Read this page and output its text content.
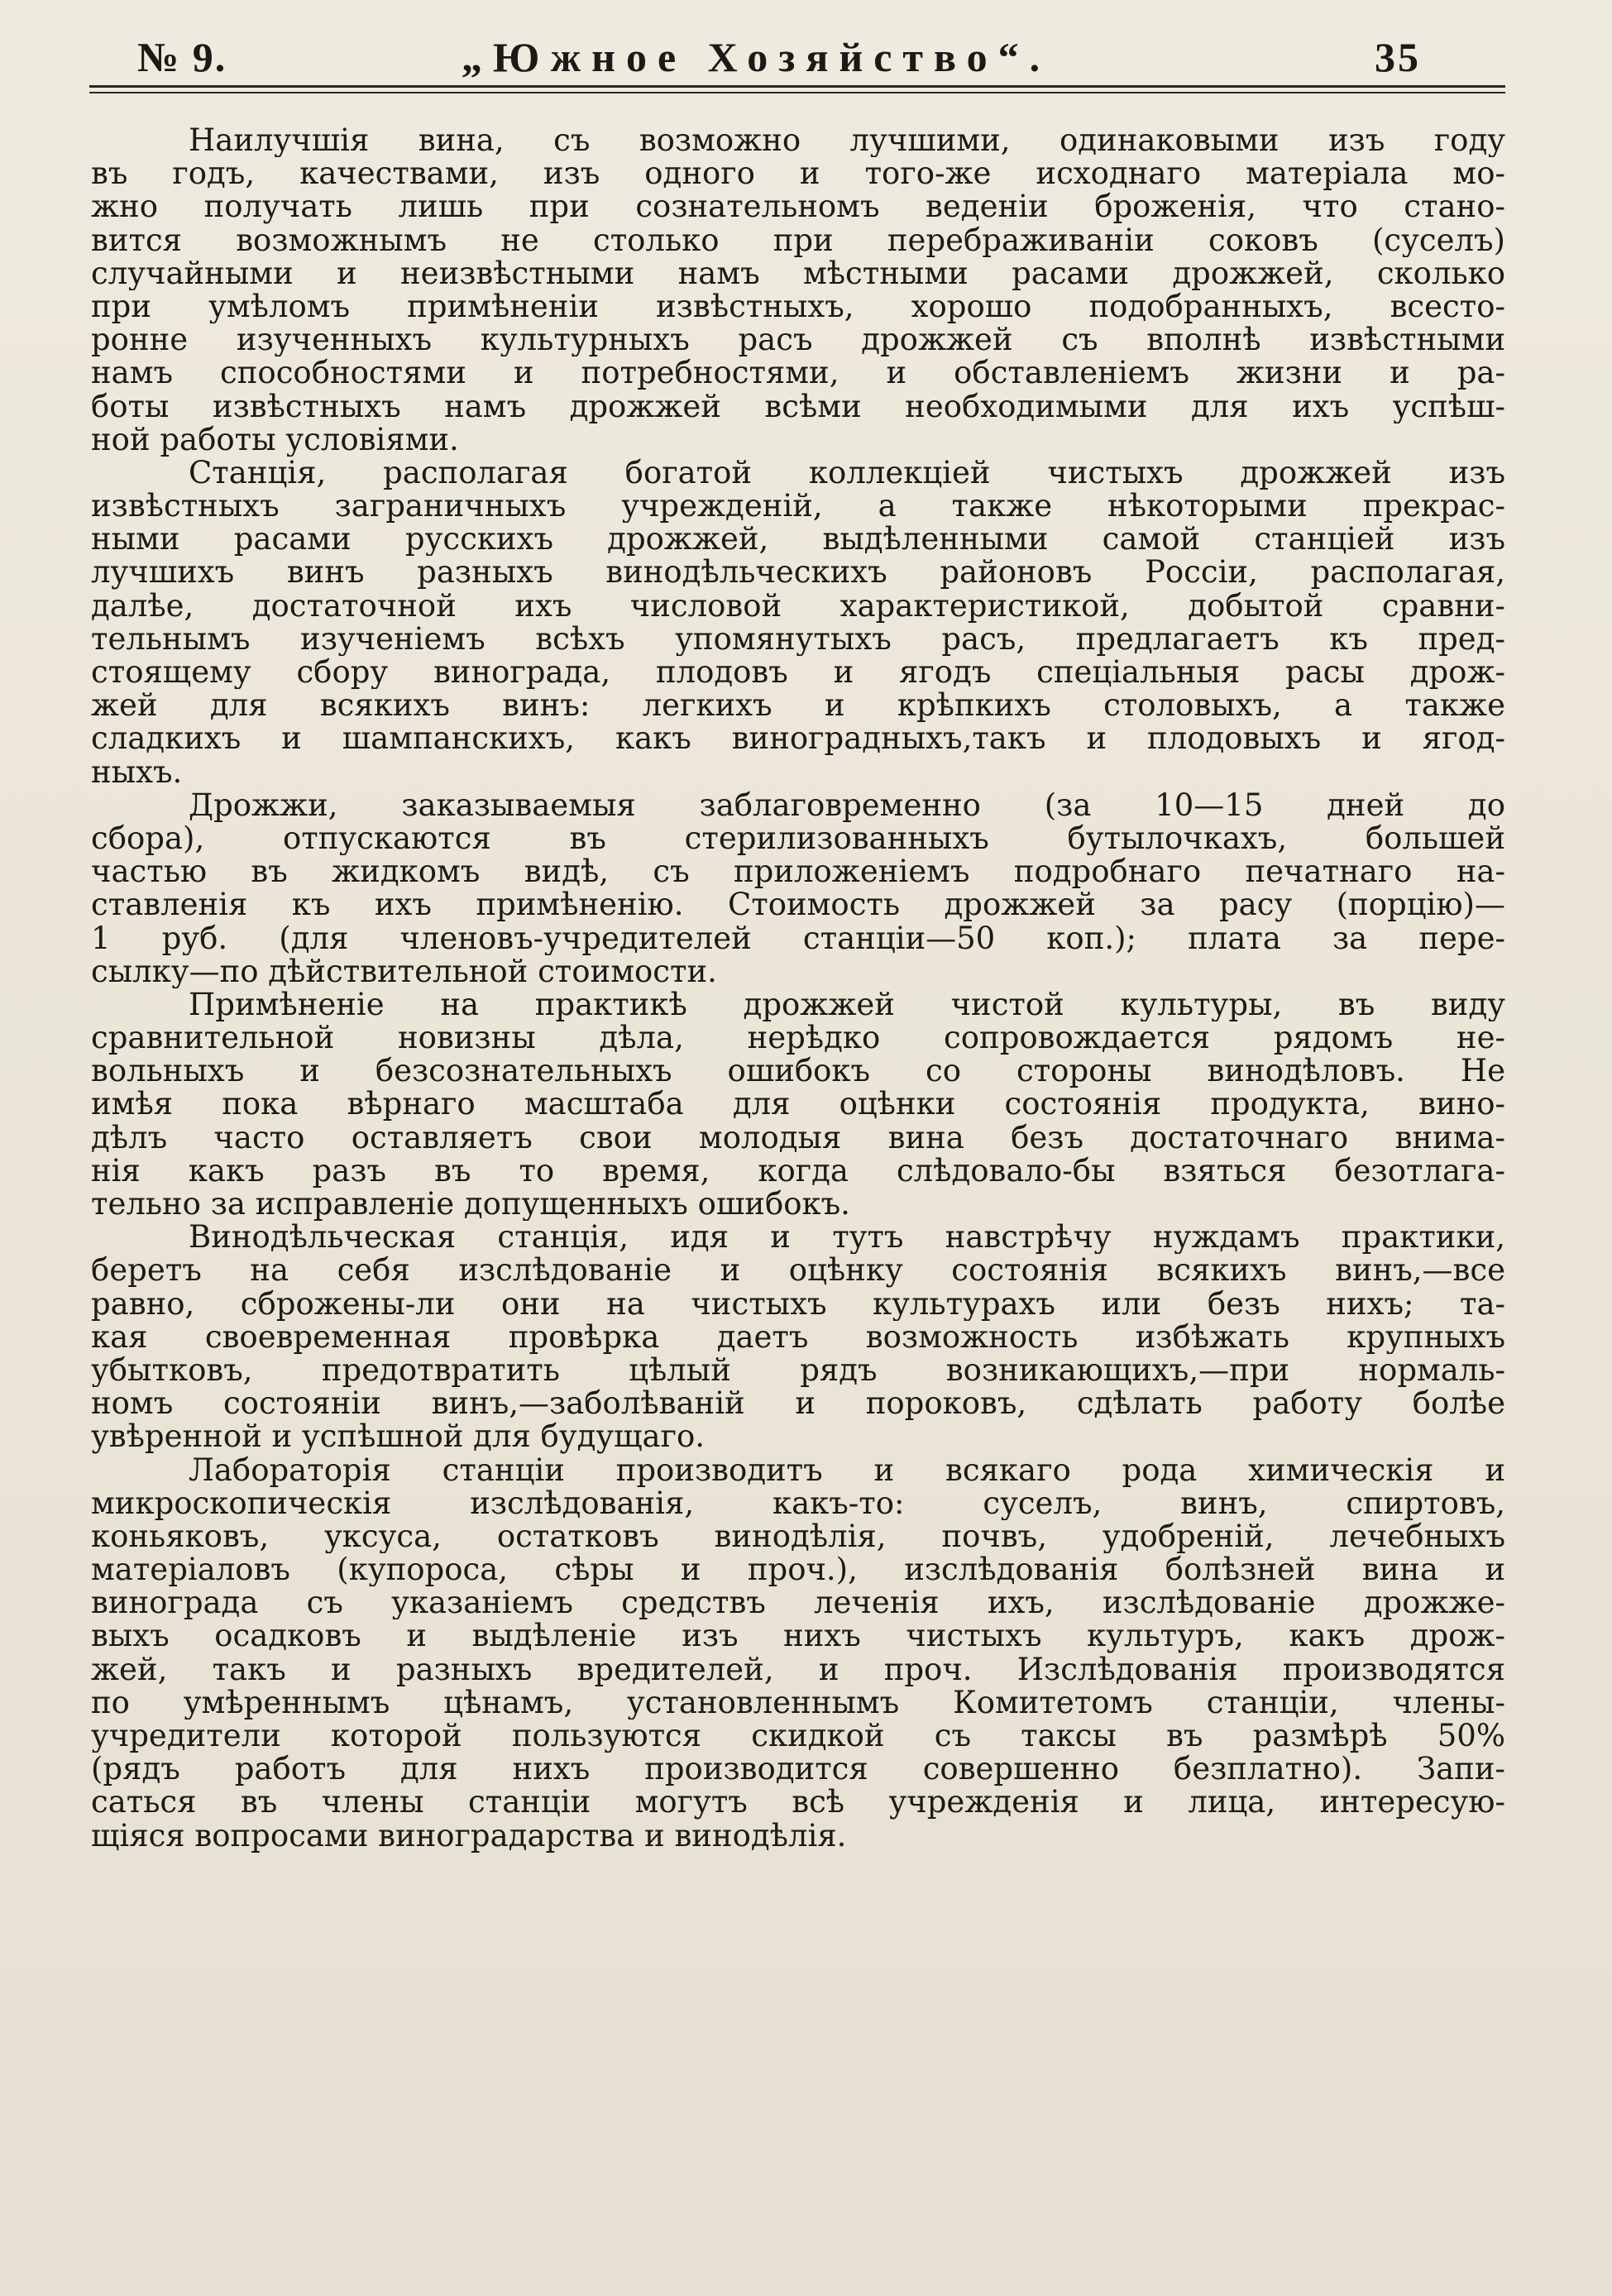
№ 9.	„Южное Хозяйство“.	35
Наилучшія вина, съ возможно лучшими, одинаковыми изъ году
въ годъ, качествами, изъ одного и того-же исходнаго матеріала мо-
жно получать лишь при сознательномъ веденіи броженія, что стано-
вится возможнымъ не столько при перебраживаніи соковъ (суселъ)
случайными и неизвѣстными намъ мѣстными расами дрожжей, сколько
при умѣломъ примѣненіи извѣстныхъ, хорошо подобранныхъ, всесто-
ронне изученныхъ культурныхъ расъ дрожжей съ вполнѣ извѣстными
намъ способностями и потребностями, и обставленіемъ жизни и ра-
боты извѣстныхъ намъ дрожжей всѣми необходимыми для ихъ успѣш-
ной работы условіями.
Станція, располагая богатой коллекціей чистыхъ дрожжей изъ
извѣстныхъ заграничныхъ учрежденій, а также нѣкоторыми прекрас-
ными расами русскихъ дрожжей, выдѣленными самой станціей изъ
лучшихъ винъ разныхъ винодѣльческихъ районовъ Россіи, располагая,
далѣе, достаточной ихъ числовой характеристикой, добытой сравни-
тельнымъ изученіемъ всѣхъ упомянутыхъ расъ, предлагаетъ къ пред-
стоящему сбору винограда, плодовъ и ягодъ спеціальныя расы дрож-
жей для всякихъ винъ: легкихъ и крѣпкихъ столовыхъ, а также
сладкихъ и шампанскихъ, какъ виноградныхъ,такъ и плодовыхъ и ягод-
ныхъ.
Дрожжи, заказываемыя заблаговременно (за 10—15 дней до
сбора), отпускаются въ стерилизованныхъ бутылочкахъ, большей
частью въ жидкомъ видѣ, съ приложеніемъ подробнаго печатнаго на-
ставленія къ ихъ примѣненію. Стоимость дрожжей за расу (порцію)—
1 руб. (для членовъ-учредителей станціи—50 коп.); плата за пере-
сылку—по дѣйствительной стоимости.
Примѣненіе на практикѣ дрожжей чистой культуры, въ виду
сравнительной новизны дѣла, нерѣдко сопровождается рядомъ не-
вольныхъ и безсознательныхъ ошибокъ со стороны винодѣловъ. Не
имѣя пока вѣрнаго масштаба для оцѣнки состоянія продукта, вино-
дѣлъ часто оставляетъ свои молодыя вина безъ достаточнаго внима-
нія какъ разъ въ то время, когда слѣдовало-бы взяться безотлага-
тельно за исправленіе допущенныхъ ошибокъ.
Винодѣльческая станція, идя и тутъ навстрѣчу нуждамъ практики,
беретъ на себя изслѣдованіе и оцѣнку состоянія всякихъ винъ,—все
равно, сброжены-ли они на чистыхъ культурахъ или безъ нихъ; та-
кая своевременная провѣрка даетъ возможность избѣжать крупныхъ
убытковъ, предотвратить цѣлый рядъ возникающихъ,—при нормаль-
номъ состояніи винъ,—заболѣваній и пороковъ, сдѣлать работу болѣе
увѣренной и успѣшной для будущаго.
Лабораторія станціи производитъ и всякаго рода химическія и
микроскопическія изслѣдованія, какъ-то: суселъ, винъ, спиртовъ,
коньяковъ, уксуса, остатковъ винодѣлія, почвъ, удобреній, лечебныхъ
матеріаловъ (купороса, сѣры и проч.), изслѣдованія болѣзней вина и
винограда съ указаніемъ средствъ леченія ихъ, изслѣдованіе дрожже-
выхъ осадковъ и выдѣленіе изъ нихъ чистыхъ культуръ, какъ дрож-
жей, такъ и разныхъ вредителей, и проч. Изслѣдованія производятся
по умѣреннымъ цѣнамъ, установленнымъ Комитетомъ станціи, члены-
учредители которой пользуются скидкой съ таксы въ размѣрѣ 50%
(рядъ работъ для нихъ производится совершенно безплатно). Запи-
саться въ члены станціи могутъ всѣ учрежденія и лица, интересую-
щіяся вопросами виноградарства и винодѣлія.
